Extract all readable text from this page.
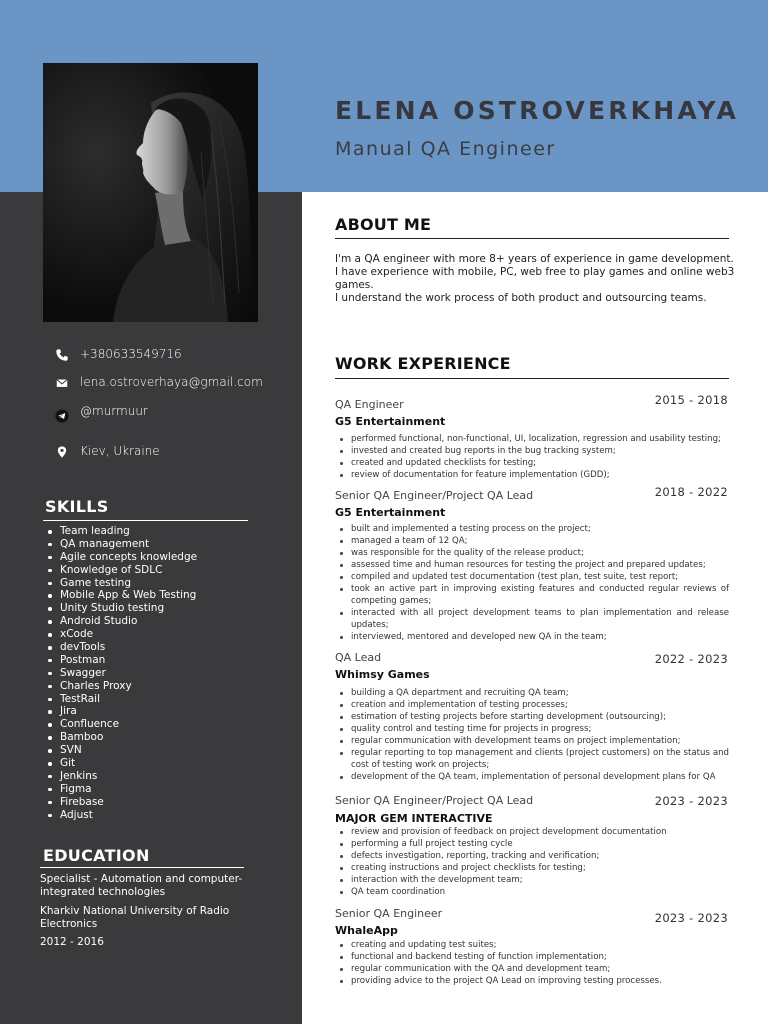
ELENA OSTROVERKHAYA
Manual QA Engineer
+380633549716
lena.ostroverhaya@gmail.com
@murmuur
Kiev, Ukraine
SKILLS
Team leading
QA management
Agile concepts knowledge
Knowledge of SDLC
Game testing
Mobile App & Web Testing
Unity Studio testing
Android Studio
xCode
devTools
Postman
Swagger
Charles Proxy
TestRail
Jira
Confluence
Bamboo
SVN
Git
Jenkins
Figma
Firebase
Adjust
EDUCATION
Specialist - Automation and computer-integrated technologies
Kharkiv National University of Radio Electronics
2012 - 2016
ABOUT ME

I'm a QA engineer with more 8+ years of experience in game development.

I have experience with mobile, PC, web free to play games and online web3 games.

I understand the work process of both product and outsourcing teams.

WORK EXPERIENCE
QA Engineer	2015 - 2018
G5 Entertainment
performed functional, non-functional, UI, localization, regression and usability testing;
invested and created bug reports in the bug tracking system;
created and updated checklists for testing;
review of documentation for feature implementation (GDD);
Senior QA Engineer/Project QA Lead	2018 - 2022
G5 Entertainment
built and implemented a testing process on the project;
managed a team of 12 QA;
was responsible for the quality of the release product;
assessed time and human resources for testing the project and prepared updates;
compiled and updated test documentation (test plan, test suite, test report;
took an active part in improving existing features and conducted regular reviews of competing games;
interacted with all project development teams to plan implementation and release updates;
interviewed, mentored and developed new QA in the team;
QA Lead	2022 - 2023
Whimsy Games
building a QA department and recruiting QA team;
creation and implementation of testing processes;
estimation of testing projects before starting development (outsourcing);
quality control and testing time for projects in progress;
regular communication with development teams on project implementation;
regular reporting to top management and clients (project customers) on the status and cost of testing work on projects;
development of the QA team, implementation of personal development plans for QA
Senior QA Engineer/Project QA Lead	2023 - 2023
MAJOR GEM INTERACTIVE
review and provision of feedback on project development documentation
performing a full project testing cycle
defects investigation, reporting, tracking and verification;
creating instructions and project checklists for testing;
interaction with the development team;
QA team coordination
Senior QA Engineer	2023 - 2023
WhaleApp
creating and updating test suites;
functional and backend testing of function implementation;
regular communication with the QA and development team;
providing advice to the project QA Lead on improving testing processes.
